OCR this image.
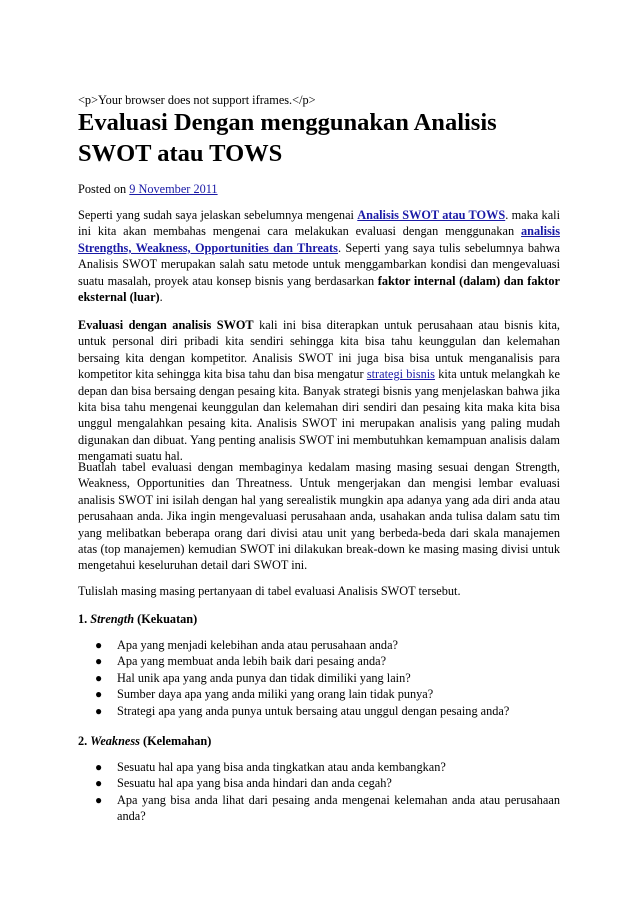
<p>Your browser does not support iframes.</p>
Evaluasi Dengan menggunakan Analisis
SWOT atau TOWS
Posted on 9 November 2011

Seperti yang sudah saya jelaskan sebelumnya mengenai Analisis SWOT atau TOWS. maka kali ini kita akan membahas mengenai cara melakukan evaluasi dengan menggunakan analisis Strengths, Weakness, Opportunities dan Threats. Seperti yang saya tulis sebelumnya bahwa Analisis SWOT merupakan salah satu metode untuk menggambarkan kondisi dan mengevaluasi suatu masalah, proyek atau konsep bisnis yang berdasarkan faktor internal (dalam) dan faktor eksternal (luar).

Evaluasi dengan analisis SWOT kali ini bisa diterapkan untuk perusahaan atau bisnis kita, untuk personal diri pribadi kita sendiri sehingga kita bisa tahu keunggulan dan kelemahan bersaing kita dengan kompetitor. Analisis SWOT ini juga bisa bisa untuk menganalisis para kompetitor kita sehingga kita bisa tahu dan bisa mengatur strategi bisnis kita untuk melangkah ke depan dan bisa bersaing dengan pesaing kita. Banyak strategi bisnis yang menjelaskan bahwa jika kita bisa tahu mengenai keunggulan dan kelemahan diri sendiri dan pesaing kita maka kita bisa unggul mengalahkan pesaing kita. Analisis SWOT ini merupakan analisis yang paling mudah digunakan dan dibuat. Yang penting analisis SWOT ini membutuhkan kemampuan analisis dalam mengamati suatu hal.

Buatlah tabel evaluasi dengan membaginya kedalam masing masing sesuai dengan Strength, Weakness, Opportunities dan Threatness. Untuk mengerjakan dan mengisi lembar evaluasi analisis SWOT ini isilah dengan hal yang serealistik mungkin apa adanya yang ada diri anda atau perusahaan anda. Jika ingin mengevaluasi perusahaan anda, usahakan anda tulisa dalam satu tim yang melibatkan beberapa orang dari divisi atau unit yang berbeda-beda dari skala manajemen atas (top manajemen) kemudian SWOT ini dilakukan break-down ke masing masing divisi untuk mengetahui keseluruhan detail dari SWOT ini.

Tulislah masing masing pertanyaan di tabel evaluasi Analisis SWOT tersebut.

1. Strength (Kekuatan)
● Apa yang menjadi kelebihan anda atau perusahaan anda?
● Apa yang membuat anda lebih baik dari pesaing anda?
● Hal unik apa yang anda punya dan tidak dimiliki yang lain?
● Sumber daya apa yang anda miliki yang orang lain tidak punya?
● Strategi apa yang anda punya untuk bersaing atau unggul dengan pesaing anda?
2. Weakness (Kelemahan)
● Sesuatu hal apa yang bisa anda tingkatkan atau anda kembangkan?
● Sesuatu hal apa yang bisa anda hindari dan anda cegah?
● Apa yang bisa anda lihat dari pesaing anda mengenai kelemahan anda atau perusahaan anda?
